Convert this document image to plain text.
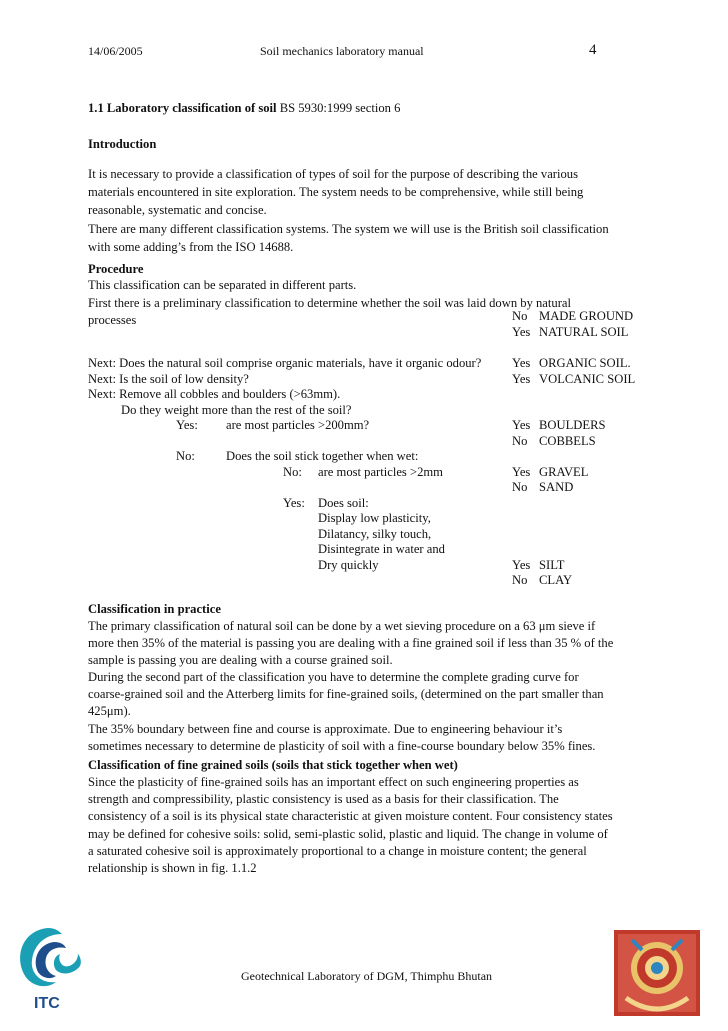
14/06/2005	Soil mechanics laboratory manual	4
1.1 Laboratory classification of soil BS 5930:1999 section 6
Introduction
It is necessary to provide a classification of types of soil for the purpose of describing the various
materials encountered in site exploration. The system needs to be comprehensive, while still being
reasonable, systematic and concise.
There are many different classification systems. The system we will use is the British soil classification
with some adding’s from the ISO 14688.
Procedure
This classification can be separated in different parts.
First there is a preliminary classification to determine whether the soil was laid down by natural
processes	No MADE GROUND
Yes NATURAL SOIL
Next: Does the natural soil comprise organic materials, have it organic odour? Yes ORGANIC SOIL.
Next: Is the soil of low density?	Yes VOLCANIC SOIL
Next: Remove all cobbles and boulders (>63mm).
Do they weight more than the rest of the soil?
Yes: are most particles >200mm?	Yes BOULDERS
No COBBELS
No: Does the soil stick together when wet:
No: are most particles >2mm	Yes GRAVEL
No SAND
Yes: Does soil:
Display low plasticity,
Dilatancy, silky touch,
Disintegrate in water and
Dry quickly	Yes SILT
No CLAY
Classification in practice
The primary classification of natural soil can be done by a wet sieving procedure on a 63 μm sieve if
more then 35% of the material is passing you are dealing with a fine grained soil if less than 35 % of the
sample is passing you are dealing with a course grained soil.
During the second part of the classification you have to determine the complete grading curve for
coarse-grained soil and the Atterberg limits for fine-grained soils, (determined on the part smaller than
425μm).
The 35% boundary between fine and course is approximate. Due to engineering behaviour it’s
sometimes necessary to determine de plasticity of soil with a fine-course boundary below 35% fines.
Classification of fine grained soils (soils that stick together when wet)
Since the plasticity of fine-grained soils has an important effect on such engineering properties as
strength and compressibility, plastic consistency is used as a basis for their classification. The
consistency of a soil is its physical state characteristic at given moisture content. Four consistency states
may be defined for cohesive soils: solid, semi-plastic solid, plastic and liquid. The change in volume of
a saturated cohesive soil is approximately proportional to a change in moisture content; the general
relationship is shown in fig. 1.1.2
Geotechnical Laboratory of DGM, Thimphu Bhutan
ITC
